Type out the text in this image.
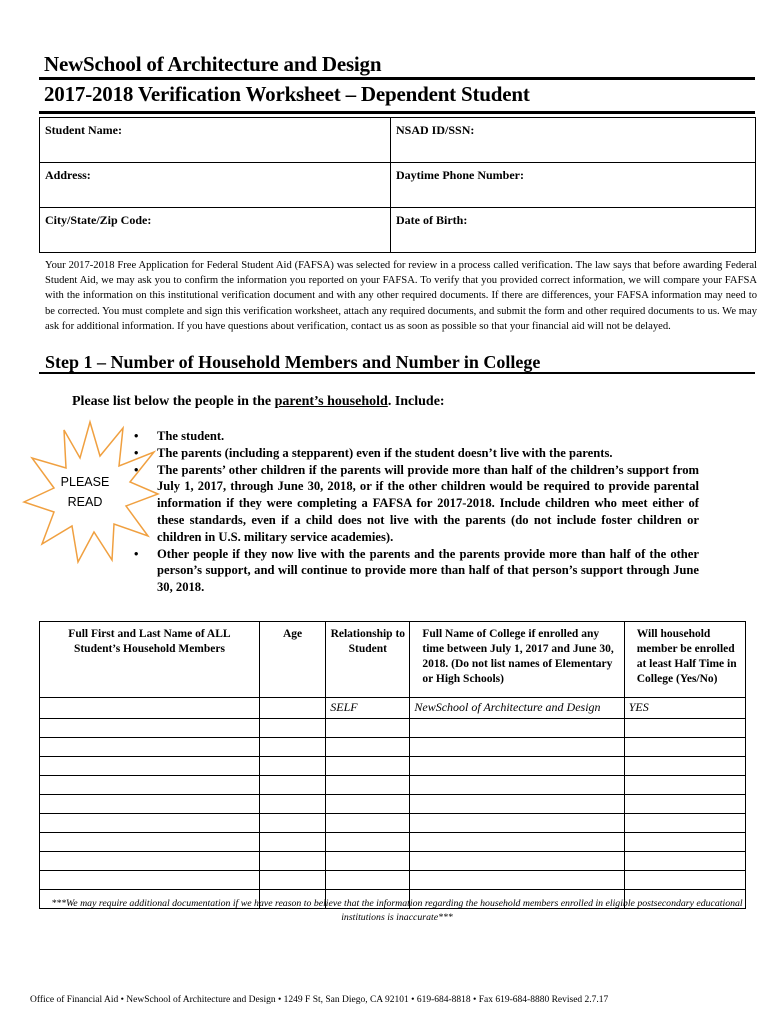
NewSchool of Architecture and Design
2017-2018 Verification Worksheet – Dependent Student
Student Name:	NSAD ID/SSN:
Address:	Daytime Phone Number:
City/State/Zip Code:	Date of Birth:
Your 2017-2018 Free Application for Federal Student Aid (FAFSA) was selected for review in a process called verification. The law says that before awarding Federal Student Aid, we may ask you to confirm the information you reported on your FAFSA. To verify that you provided correct information, we will compare your FAFSA with the information on this institutional verification document and with any other required documents. If there are differences, your FAFSA information may need to be corrected. You must complete and sign this verification worksheet, attach any required documents, and submit the form and other required documents to us. We may ask for additional information. If you have questions about verification, contact us as soon as possible so that your financial aid will not be delayed.
Step 1 – Number of Household Members and Number in College
Please list below the people in the parent’s household. Include:
PLEASE
READ
• The student.
• The parents (including a stepparent) even if the student doesn’t live with the parents.
• The parents’ other children if the parents will provide more than half of the children’s support from July 1, 2017, through June 30, 2018, or if the other children would be required to provide parental information if they were completing a FAFSA for 2017-2018. Include children who meet either of these standards, even if a child does not live with the parents (do not include foster children or children in U.S. military service academies).
• Other people if they now live with the parents and the parents provide more than half of the other person’s support, and will continue to provide more than half of that person’s support through June 30, 2018.
Full First and Last Name of ALL Student’s Household Members	Age	Relationship to Student	Full Name of College if enrolled any time between July 1, 2017 and June 30, 2018. (Do not list names of Elementary or High Schools)	Will household member be enrolled at least Half Time in College (Yes/No)
		SELF	NewSchool of Architecture and Design	YES

***We may require additional documentation if we have reason to believe that the information regarding the household members enrolled in eligible postsecondary educational institutions is inaccurate***
Office of Financial Aid • NewSchool of Architecture and Design • 1249 F St, San Diego, CA 92101 • 619-684-8818 • Fax 619-684-8880 Revised 2.7.17
